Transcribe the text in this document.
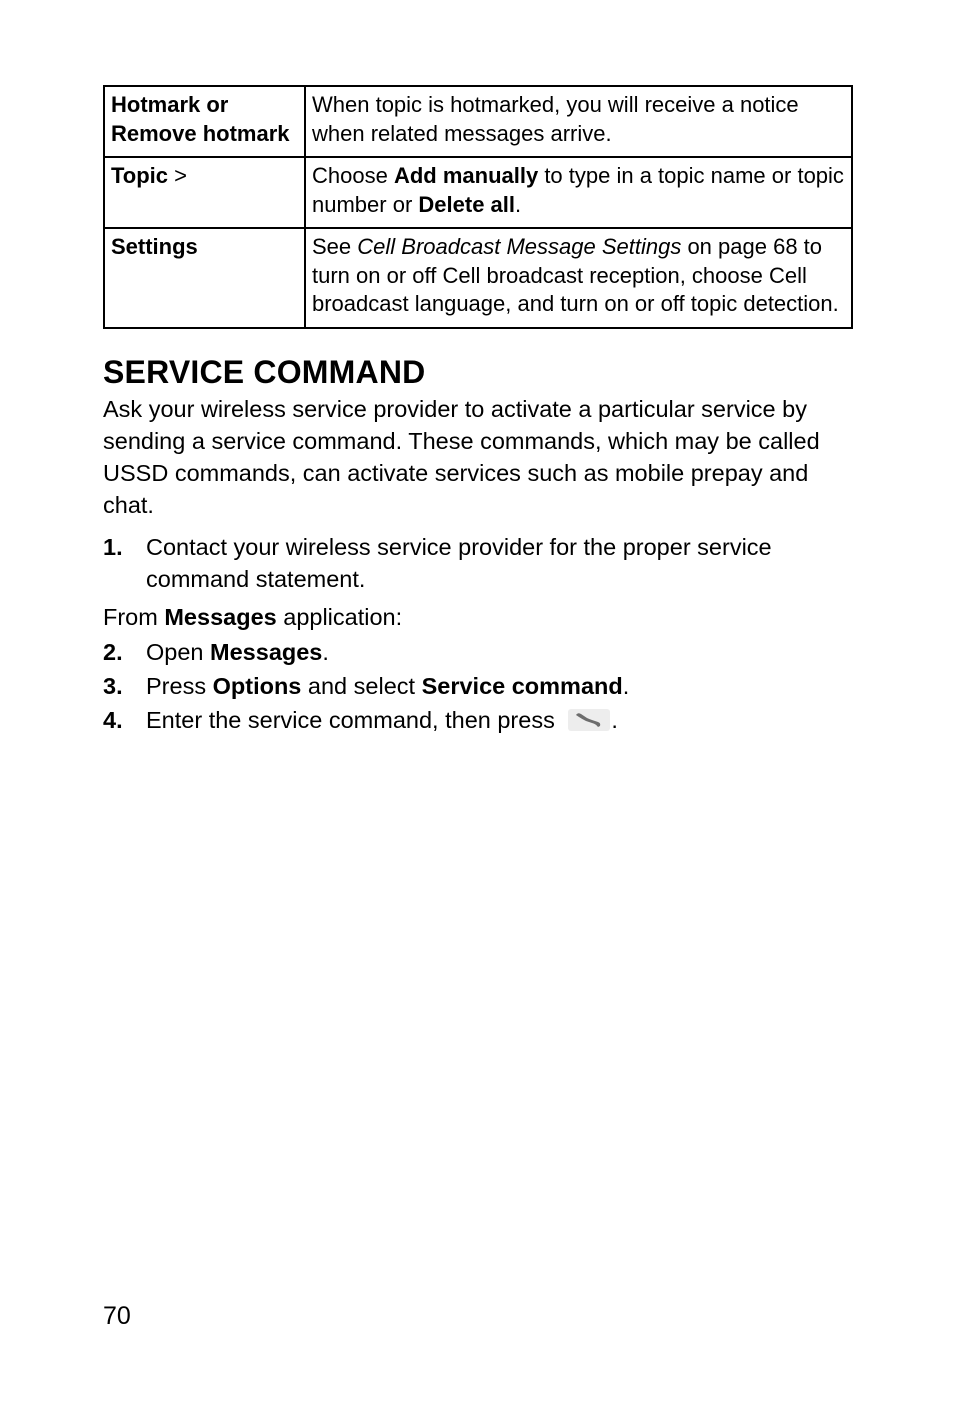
Hotmark or Remove hotmark	When topic is hotmarked, you will receive a notice when related messages arrive.
Topic >	Choose Add manually to type in a topic name or topic number or Delete all.
Settings	See Cell Broadcast Message Settings on page 68 to turn on or off Cell broadcast reception, choose Cell broadcast language, and turn on or off topic detection.
SERVICE COMMAND

Ask your wireless service provider to activate a particular service by sending a service command. These commands, which may be called USSD commands, can activate services such as mobile prepay and chat.

1. Contact your wireless service provider for the proper service command statement.

From Messages application:

2. Open Messages.
3. Press Options and select Service command.
4. Enter the service command, then press .
70
